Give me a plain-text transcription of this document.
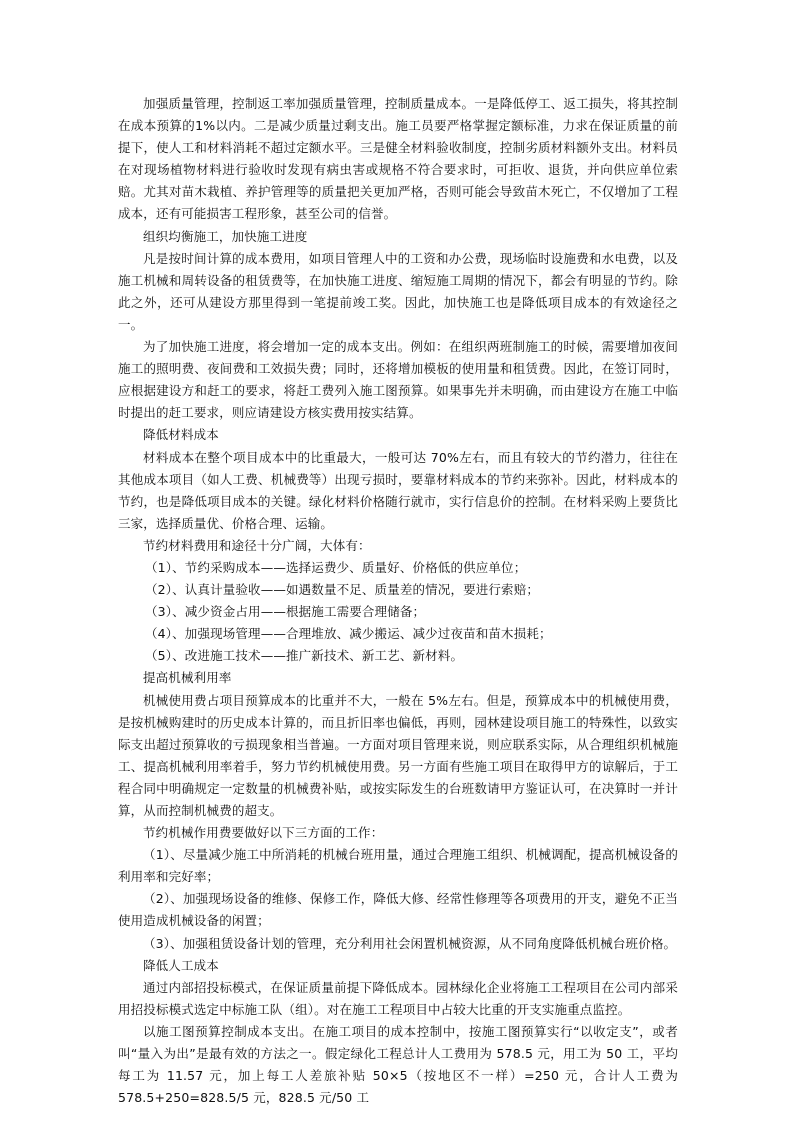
加强质量管理，控制返工率加强质量管理，控制质量成本。一是降低停工、返工损失，将其控制在成本预算的1%以内。二是减少质量过剩支出。施工员要严格掌握定额标准，力求在保证质量的前提下，使人工和材料消耗不超过定额水平。三是健全材料验收制度，控制劣质材料额外支出。材料员在对现场植物材料进行验收时发现有病虫害或规格不符合要求时，可拒收、退货，并向供应单位索赔。尤其对苗木栽植、养护管理等的质量把关更加严格，否则可能会导致苗木死亡，不仅增加了工程成本，还有可能损害工程形象，甚至公司的信誉。

组织均衡施工，加快施工进度

凡是按时间计算的成本费用，如项目管理人中的工资和办公费，现场临时设施费和水电费，以及施工机械和周转设备的租赁费等，在加快施工进度、缩短施工周期的情况下，都会有明显的节约。除此之外，还可从建设方那里得到一笔提前竣工奖。因此，加快施工也是降低项目成本的有效途径之一。

为了加快施工进度，将会增加一定的成本支出。例如：在组织两班制施工的时候，需要增加夜间施工的照明费、夜间费和工效损失费；同时，还将增加模板的使用量和租赁费。因此，在签订同时，应根据建设方和赶工的要求，将赶工费列入施工图预算。如果事先并未明确，而由建设方在施工中临时提出的赶工要求，则应请建设方核实费用按实结算。

降低材料成本

材料成本在整个项目成本中的比重最大，一般可达 70%左右，而且有较大的节约潜力，往往在其他成本项目（如人工费、机械费等）出现亏损时，要靠材料成本的节约来弥补。因此，材料成本的节约，也是降低项目成本的关键。绿化材料价格随行就市，实行信息价的控制。在材料采购上要货比三家，选择质量优、价格合理、运输。

节约材料费用和途径十分广阔，大体有：

（1）、节约采购成本——选择运费少、质量好、价格低的供应单位；

（2）、认真计量验收——如遇数量不足、质量差的情况，要进行索赔；

（3）、减少资金占用——根据施工需要合理储备；

（4）、加强现场管理——合理堆放、减少搬运、减少过夜苗和苗木损耗；

（5）、改进施工技术——推广新技术、新工艺、新材料。

提高机械利用率

机械使用费占项目预算成本的比重并不大，一般在 5%左右。但是，预算成本中的机械使用费，是按机械购建时的历史成本计算的，而且折旧率也偏低，再则，园林建设项目施工的特殊性，以致实际支出超过预算收的亏损现象相当普遍。一方面对项目管理来说，则应联系实际，从合理组织机械施工、提高机械利用率着手，努力节约机械使用费。另一方面有些施工项目在取得甲方的谅解后，于工程合同中明确规定一定数量的机械费补贴，或按实际发生的台班数请甲方鉴证认可，在决算时一并计算，从而控制机械费的超支。

节约机械作用费要做好以下三方面的工作：

（1）、尽量减少施工中所消耗的机械台班用量，通过合理施工组织、机械调配，提高机械设备的利用率和完好率；

（2）、加强现场设备的维修、保修工作，降低大修、经常性修理等各项费用的开支，避免不正当使用造成机械设备的闲置；

（3）、加强租赁设备计划的管理，充分利用社会闲置机械资源，从不同角度降低机械台班价格。

降低人工成本

通过内部招投标模式，在保证质量前提下降低成本。园林绿化企业将施工工程项目在公司内部采用招投标模式选定中标施工队（组）。对在施工工程项目中占较大比重的开支实施重点监控。

以施工图预算控制成本支出。在施工项目的成本控制中，按施工图预算实行“以收定支”，或者叫“量入为出”是最有效的方法之一。假定绿化工程总计人工费用为 578.5 元，用工为 50 工，平均每工为 11.57 元，加上每工人差旅补贴 50×5（按地区不一样）=250 元，合计人工费为 578.5+250=828.5/5 元，828.5 元/50 工
